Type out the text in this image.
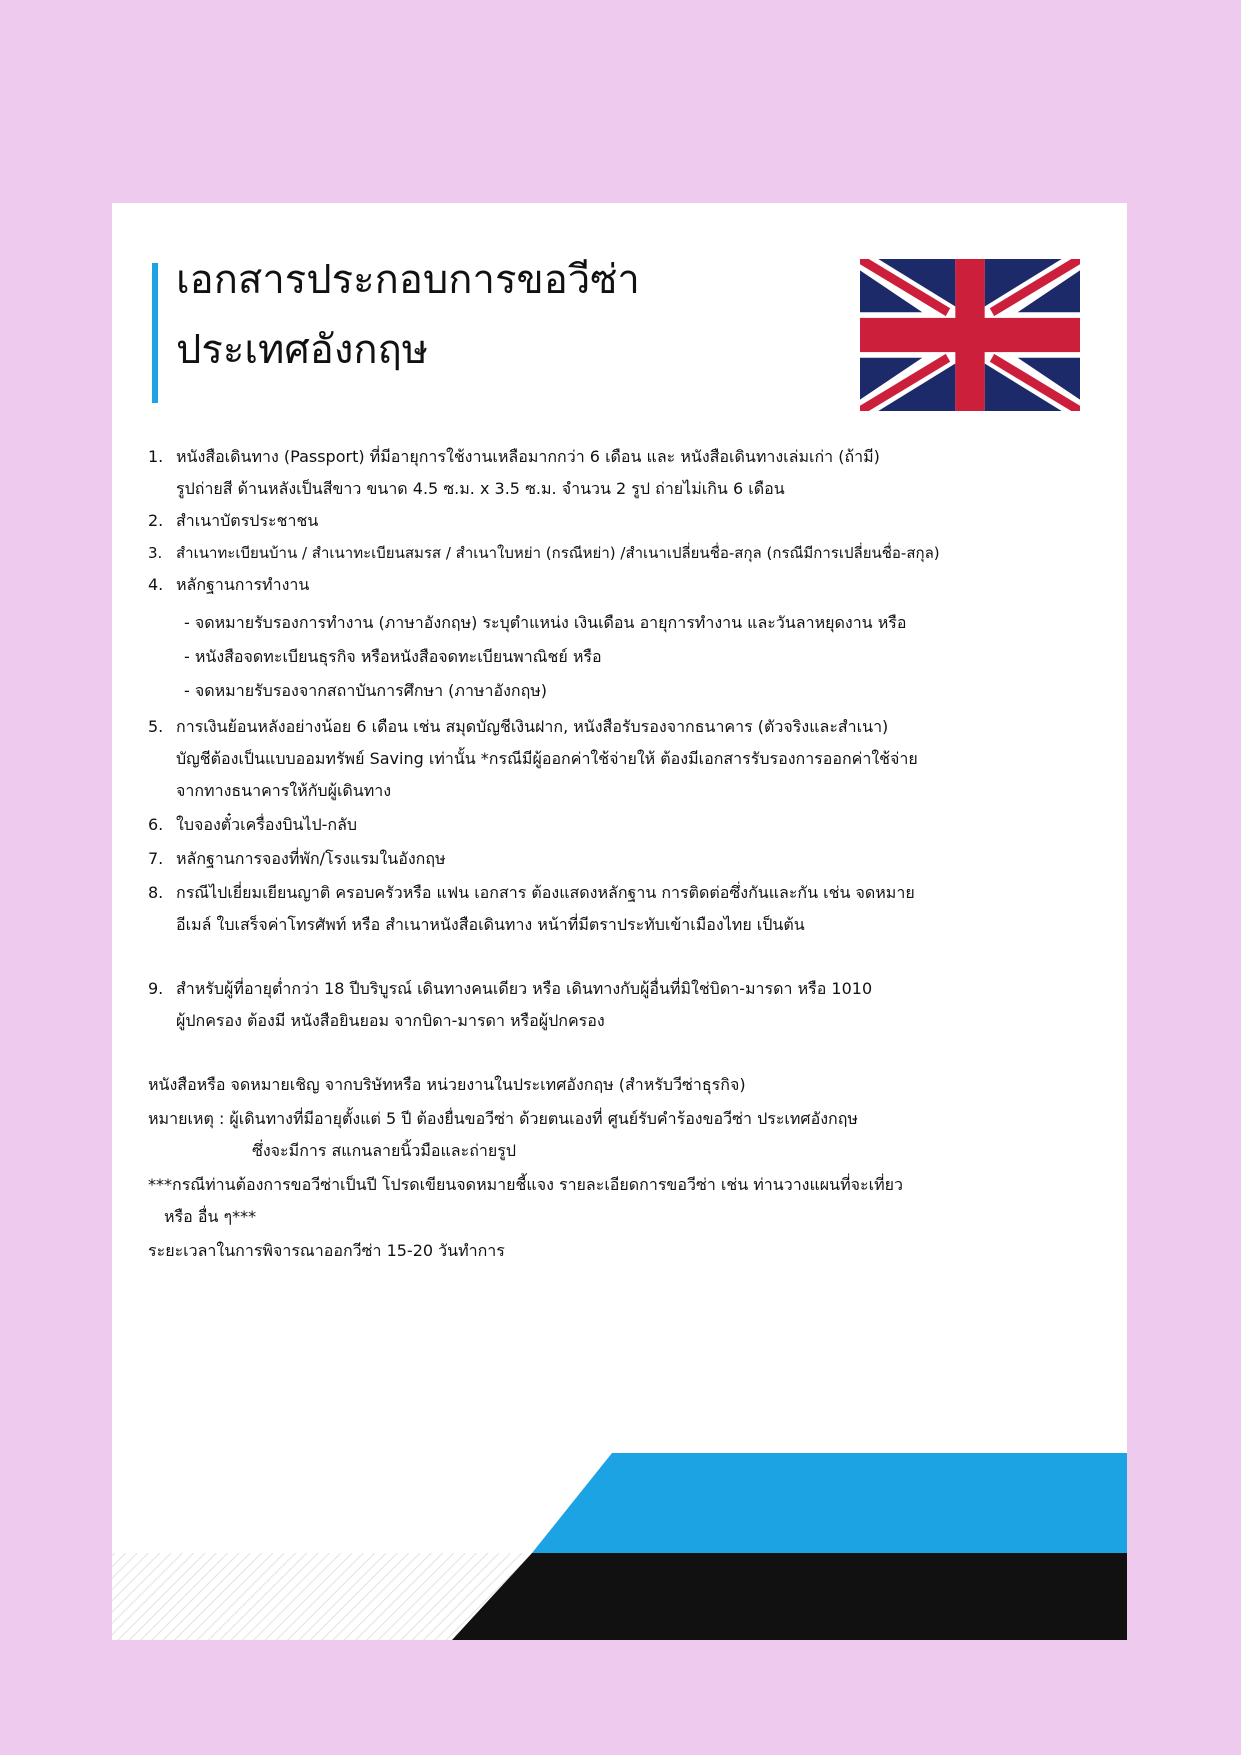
เอกสารประกอบการขอวีซ่า
ประเทศอังกฤษ
1. หนังสือเดินทาง (Passport) ที่มีอายุการใช้งานเหลือมากกว่า 6 เดือน และ หนังสือเดินทางเล่มเก่า (ถ้ามี)
รูปถ่ายสี ด้านหลังเป็นสีขาว ขนาด 4.5 ซ.ม. x 3.5 ซ.ม. จำนวน 2 รูป ถ่ายไม่เกิน 6 เดือน
2. สำเนาบัตรประชาชน
3. สำเนาทะเบียนบ้าน / สำเนาทะเบียนสมรส / สำเนาใบหย่า (กรณีหย่า) /สำเนาเปลี่ยนชื่อ-สกุล (กรณีมีการเปลี่ยนชื่อ-สกุล)
4. หลักฐานการทำงาน
- จดหมายรับรองการทำงาน (ภาษาอังกฤษ) ระบุตำแหน่ง เงินเดือน อายุการทำงาน และวันลาหยุดงาน หรือ
- หนังสือจดทะเบียนธุรกิจ หรือหนังสือจดทะเบียนพาณิชย์ หรือ
- จดหมายรับรองจากสถาบันการศึกษา (ภาษาอังกฤษ)
5. การเงินย้อนหลังอย่างน้อย 6 เดือน เช่น สมุดบัญชีเงินฝาก, หนังสือรับรองจากธนาคาร (ตัวจริงและสำเนา)
บัญชีต้องเป็นแบบออมทรัพย์ Saving เท่านั้น *กรณีมีผู้ออกค่าใช้จ่ายให้ ต้องมีเอกสารรับรองการออกค่าใช้จ่าย
จากทางธนาคารให้กับผู้เดินทาง
6. ใบจองตั๋วเครื่องบินไป-กลับ
7. หลักฐานการจองที่พัก/โรงแรมในอังกฤษ
8. กรณีไปเยี่ยมเยียนญาติ ครอบครัวหรือ แฟน เอกสาร ต้องแสดงหลักฐาน การติดต่อซึ่งกันและกัน เช่น จดหมาย
อีเมล์ ใบเสร็จค่าโทรศัพท์ หรือ สำเนาหนังสือเดินทาง หน้าที่มีตราประทับเข้าเมืองไทย เป็นต้น
9. สำหรับผู้ที่อายุต่ำกว่า 18 ปีบริบูรณ์ เดินทางคนเดียว หรือ เดินทางกับผู้อื่นที่มิใช่บิดา-มารดา หรือ 1010
ผู้ปกครอง ต้องมี หนังสือยินยอม จากบิดา-มารดา หรือผู้ปกครอง
หนังสือหรือ จดหมายเชิญ จากบริษัทหรือ หน่วยงานในประเทศอังกฤษ (สำหรับวีซ่าธุรกิจ)
หมายเหตุ : ผู้เดินทางที่มีอายุตั้งแต่ 5 ปี ต้องยื่นขอวีซ่า ด้วยตนเองที่ ศูนย์รับคำร้องขอวีซ่า ประเทศอังกฤษ
ซึ่งจะมีการ สแกนลายนิ้วมือและถ่ายรูป
***กรณีท่านต้องการขอวีซ่าเป็นปี โปรดเขียนจดหมายชี้แจง รายละเอียดการขอวีซ่า เช่น ท่านวางแผนที่จะเที่ยว
หรือ อื่น ๆ***
ระยะเวลาในการพิจารณาออกวีซ่า 15-20 วันทำการ
